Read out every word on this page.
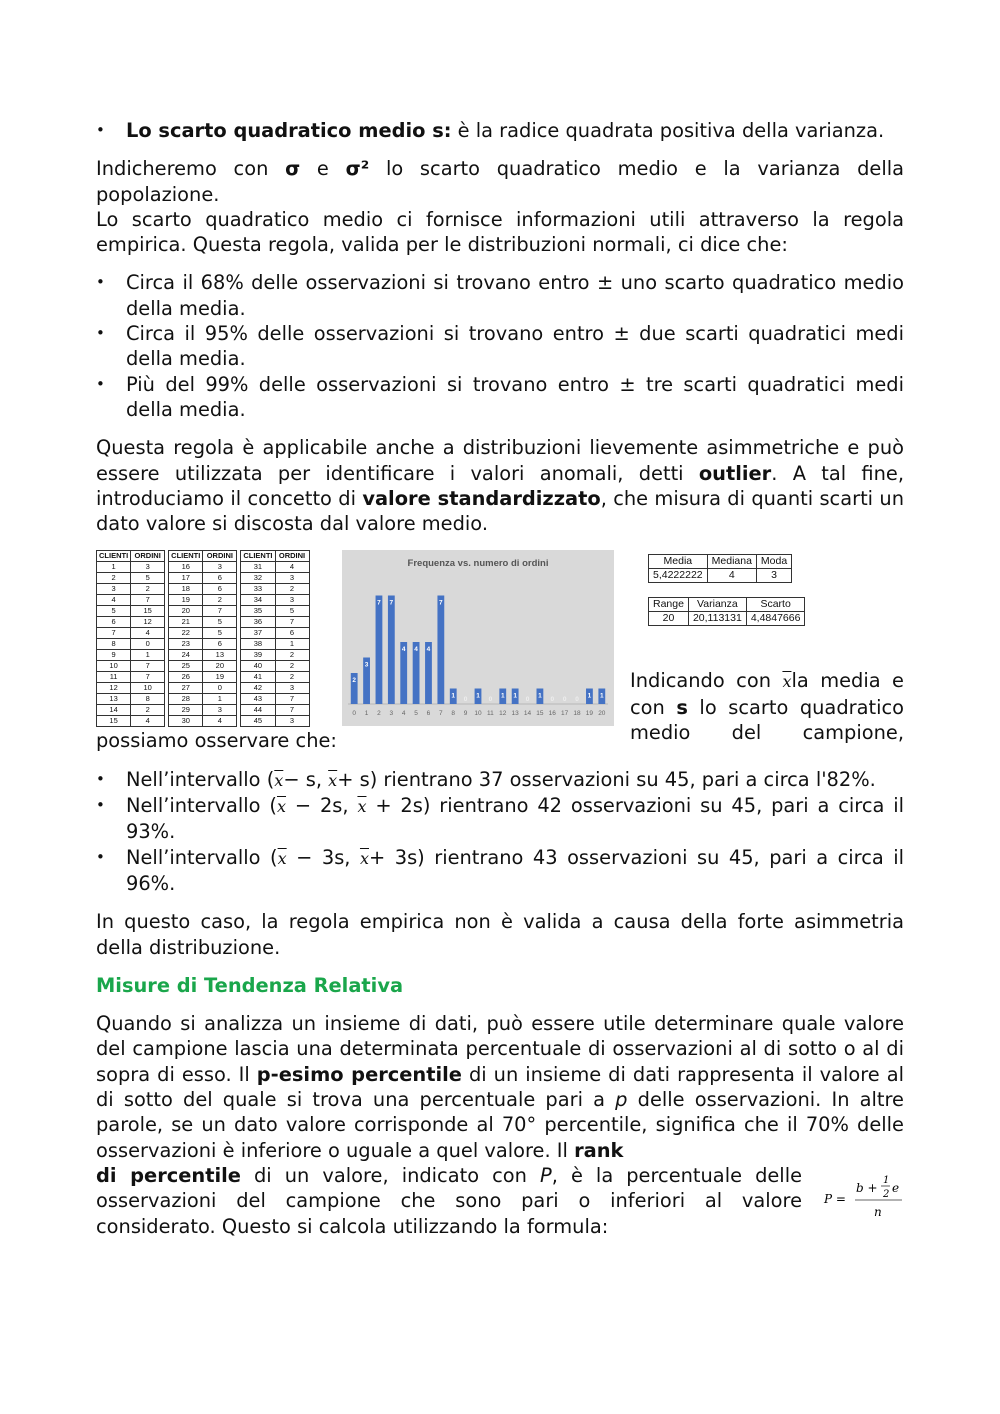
• Lo scarto quadratico medio s: è la radice quadrata positiva della varianza.

Indicheremo con σ e σ² lo scarto quadratico medio e la varianza della popolazione.

Lo scarto quadratico medio ci fornisce informazioni utili attraverso la regola empirica. Questa regola, valida per le distribuzioni normali, ci dice che:

• Circa il 68% delle osservazioni si trovano entro ± uno scarto quadratico medio della media.
• Circa il 95% delle osservazioni si trovano entro ± due scarti quadratici medi della media.
• Più del 99% delle osservazioni si trovano entro ± tre scarti quadratici medi della media.

Questa regola è applicabile anche a distribuzioni lievemente asimmetriche e può essere utilizzata per identificare i valori anomali, detti outlier. A tal fine, introduciamo il concetto di valore standardizzato, che misura di quanti scarti un dato valore si discosta dal valore medio.

CLIENTI	ORDINI
1	3
2	5
3	2
4	7
5	15
6	12
7	4
8	0
9	1
10	7
11	7
12	10
13	8
14	2
15	4
CLIENTI	ORDINI
16	3
17	6
18	6
19	2
20	7
21	5
22	5
23	6
24	13
25	20
26	19
27	0
28	1
29	3
30	4
CLIENTI	ORDINI
31	4
32	3
33	2
34	3
35	5
36	7
37	6
38	1
39	2
40	2
41	2
42	3
43	7
44	7
45	3
Frequenza vs. numero di ordini
2
0
3
1
7
2
7
3
4
4
4
5
4
6
7
7
1
8
0
9
1
10
0
11
1
12
1
13
0
14
1
15
0
16
0
17
0
18
1
19
1
20
Media	Mediana	Moda
5,4222222	4	3
Range	Varianza	Scarto
20	20,113131	4,4847666

Indicando con $\overline{x}la$ media e con s lo scarto quadratico medio del campione,

possiamo osservare che:

• Nell’intervallo ($\overline{x}- s$, $\overline{x}+ s$) rientrano 37 osservazioni su 45, pari a circa l'82%.
• Nell’intervallo ($\overline{x} - 2s$, $\overline{x} + 2s$) rientrano 42 osservazioni su 45, pari a circa il 93%.
• Nell’intervallo ($\overline{x} - 3s$, $\overline{x}+ 3s$) rientrano 43 osservazioni su 45, pari a circa il 96%.

In questo caso, la regola empirica non è valida a causa della forte asimmetria della distribuzione.

Misure di Tendenza Relativa

Quando si analizza un insieme di dati, può essere utile determinare quale valore del campione lascia una determinata percentuale di osservazioni al di sotto o al di sopra di esso. Il p-esimo percentile di un insieme di dati rappresenta il valore al di sotto del quale si trova una percentuale pari a p delle osservazioni. In altre parole, se un dato valore corrisponde al 70° percentile, significa che il 70% delle osservazioni è inferiore o uguale a quel valore. Il rank

di percentile di un valore, indicato con P, è la percentuale delle osservazioni del campione che sono pari o inferiori al valore considerato. Questo si calcola utilizzando la formula:

P =
b +
1
2 e
n
